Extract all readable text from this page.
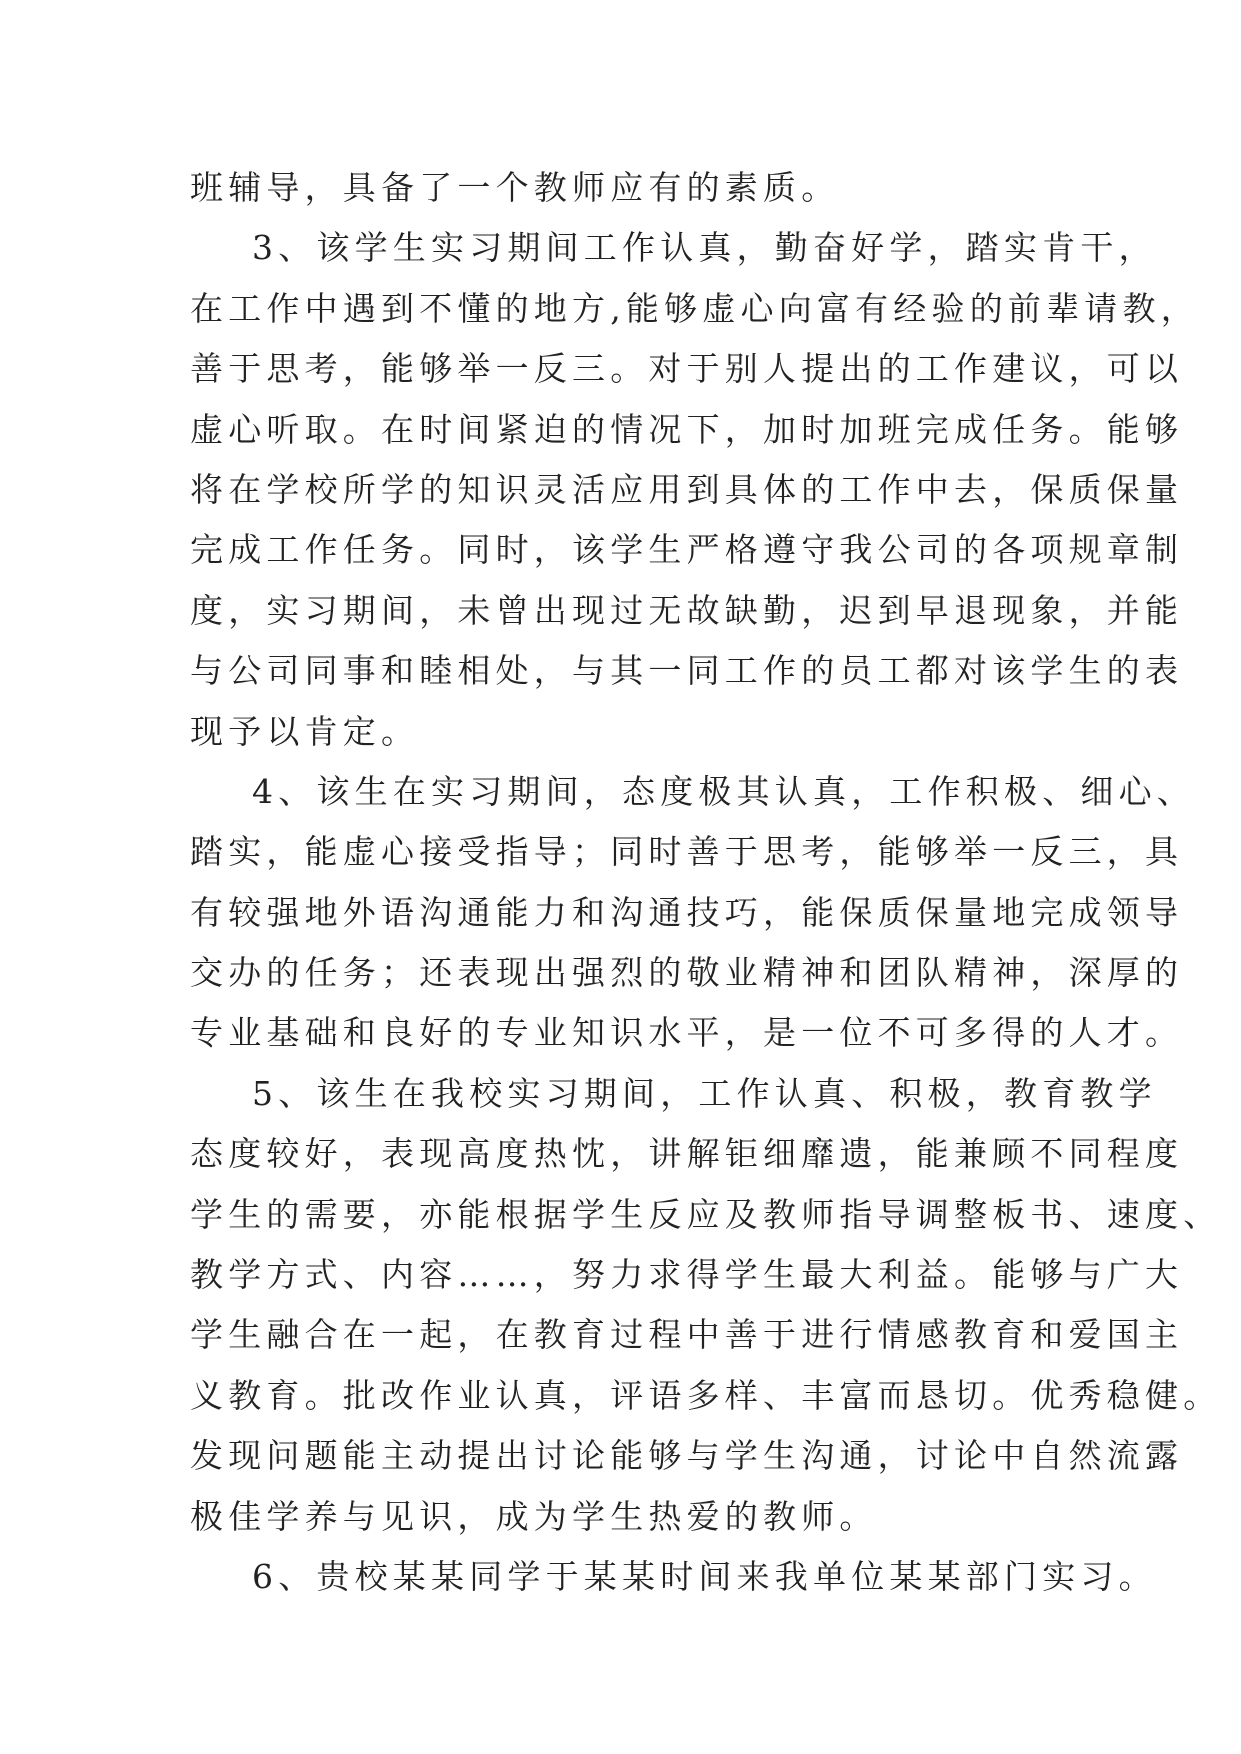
班辅导，具备了一个教师应有的素质。
3、该学生实习期间工作认真，勤奋好学，踏实肯干，
在工作中遇到不懂的地方,能够虚心向富有经验的前辈请教，
善于思考，能够举一反三。对于别人提出的工作建议，可以
虚心听取。在时间紧迫的情况下，加时加班完成任务。能够
将在学校所学的知识灵活应用到具体的工作中去，保质保量
完成工作任务。同时，该学生严格遵守我公司的各项规章制
度，实习期间，未曾出现过无故缺勤，迟到早退现象，并能
与公司同事和睦相处，与其一同工作的员工都对该学生的表
现予以肯定。
4、该生在实习期间，态度极其认真，工作积极、细心、
踏实，能虚心接受指导；同时善于思考，能够举一反三，具
有较强地外语沟通能力和沟通技巧，能保质保量地完成领导
交办的任务；还表现出强烈的敬业精神和团队精神，深厚的
专业基础和良好的专业知识水平，是一位不可多得的人才。
5、该生在我校实习期间，工作认真、积极，教育教学
态度较好，表现高度热忱，讲解钜细靡遗，能兼顾不同程度
学生的需要，亦能根据学生反应及教师指导调整板书、速度、
教学方式、内容……，努力求得学生最大利益。能够与广大
学生融合在一起，在教育过程中善于进行情感教育和爱国主
义教育。批改作业认真，评语多样、丰富而恳切。优秀稳健。
发现问题能主动提出讨论能够与学生沟通，讨论中自然流露
极佳学养与见识，成为学生热爱的教师。
6、贵校某某同学于某某时间来我单位某某部门实习。
